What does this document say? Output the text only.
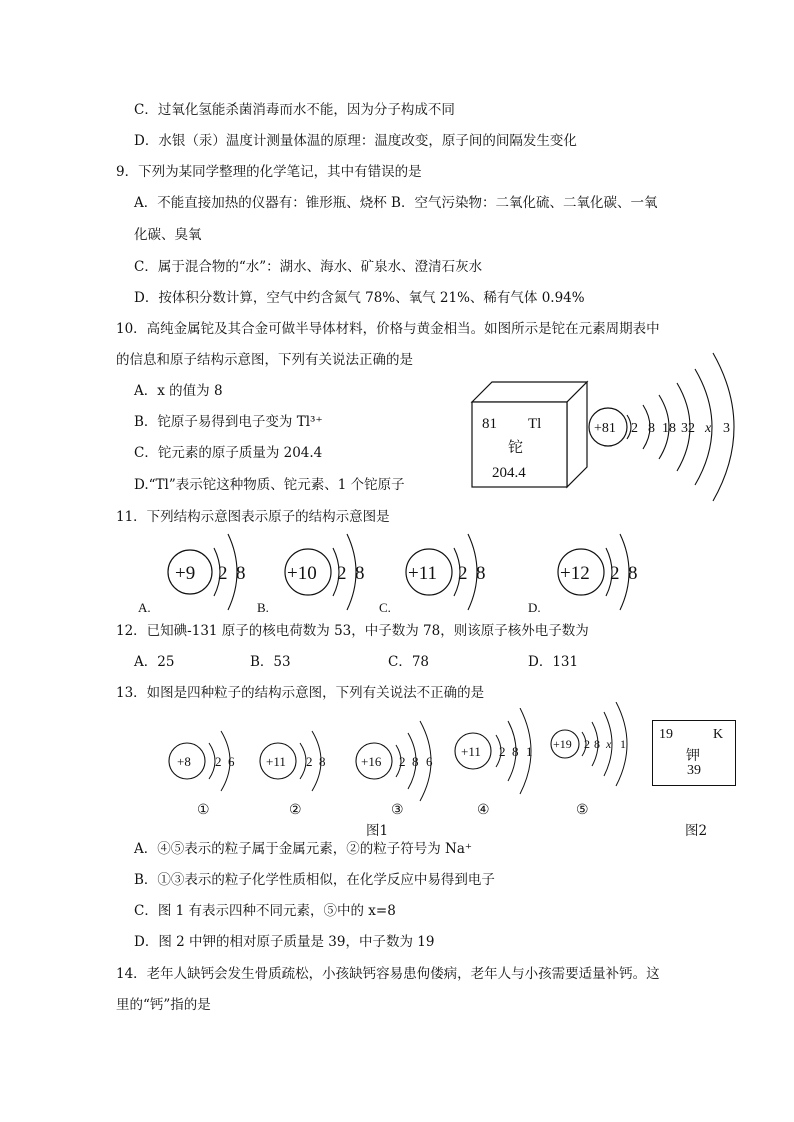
C．过氧化氢能杀菌消毒而水不能，因为分子构成不同
D．水银（汞）温度计测量体温的原理：温度改变，原子间的间隔发生变化
9．下列为某同学整理的化学笔记，其中有错误的是
A．不能直接加热的仪器有：锥形瓶、烧杯 B．空气污染物：二氧化硫、二氧化碳、一氧
化碳、臭氧
C．属于混合物的“水”：湖水、海水、矿泉水、澄清石灰水
D．按体积分数计算，空气中约含氮气 78%、氧气 21%、稀有气体 0.94%
10．高纯金属铊及其合金可做半导体材料，价格与黄金相当。如图所示是铊在元素周期表中
的信息和原子结构示意图，下列有关说法正确的是
A．x 的值为 8
B．铊原子易得到电子变为 Tl³⁺
C．铊元素的原子质量为 204.4
D.“Tl”表示铊这种物质、铊元素、1 个铊原子
81 Tl
铊
204.4
+81 2 8 18 32 x 3
11．下列结构示意图表示原子的结构示意图是
+9 2 8
A.
+10 2 8
B.
+11 2 8
C.
+12 2 8
D.
12．已知碘-131 原子的核电荷数为 53，中子数为 78，则该原子核外电子数为
A．25	B．53	C．78	D．131
13．如图是四种粒子的结构示意图，下列有关说法不正确的是
+8 2 6
①
+11 2 8
②
+16 2 8 6
③
+11 2 8 1
④
+19 2 8 x 1
⑤
19	K
钾
39
图1	图2
A．④⑤表示的粒子属于金属元素，②的粒子符号为 Na⁺
B．①③表示的粒子化学性质相似，在化学反应中易得到电子
C．图 1 有表示四种不同元素，⑤中的 x=8
D．图 2 中钾的相对原子质量是 39，中子数为 19
14．老年人缺钙会发生骨质疏松，小孩缺钙容易患佝偻病，老年人与小孩需要适量补钙。这
里的“钙”指的是
